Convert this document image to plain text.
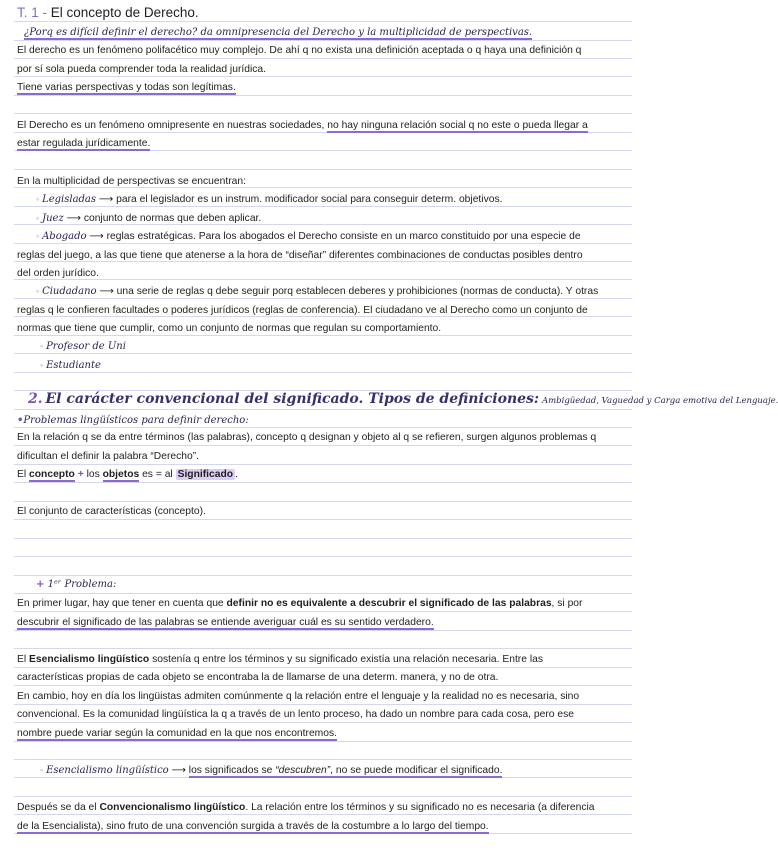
T. 1 - El concepto de Derecho.
¿Porq es difícil definir el derecho? da omnipresencia del Derecho y la multiplicidad de perspectivas.
El derecho es un fenómeno polifacético muy complejo. De ahí q no exista una definición aceptada o q haya una definición q
por sí sola pueda comprender toda la realidad jurídica.
Tiene varias perspectivas y todas son legítimas.
El Derecho es un fenómeno omnipresente en nuestras sociedades, no hay ninguna relación social q no este o pueda llegar a
estar regulada jurídicamente.
En la multiplicidad de perspectivas se encuentran:
◦ Legisladas ⟶ para el legislador es un instrum. modificador social para conseguir determ. objetivos.
◦ Juez ⟶ conjunto de normas que deben aplicar.
◦ Abogado ⟶ reglas estratégicas. Para los abogados el Derecho consiste en un marco constituido por una especie de
reglas del juego, a las que tiene que atenerse a la hora de “diseñar” diferentes combinaciones de conductas posibles dentro
del orden jurídico.
◦ Ciudadano ⟶ una serie de reglas q debe seguir porq establecen deberes y prohibiciones (normas de conducta). Y otras
reglas q le confieren facultades o poderes jurídicos (reglas de conferencia). El ciudadano ve al Derecho como un conjunto de
normas que tiene que cumplir, como un conjunto de normas que regulan su comportamiento.
◦ Profesor de Uni
◦ Estudiante
2. El carácter convencional del significado. Tipos de definiciones: Ambigüedad, Vaguedad y Carga emotiva del Lenguaje.
•Problemas lingüísticos para definir derecho:
En la relación q se da entre términos (las palabras), concepto q designan y objeto al q se refieren, surgen algunos problemas q
dificultan el definir la palabra “Derecho”.
El concepto + los objetos es = al Significado .
El conjunto de características (concepto).
+ 1ᵉʳ Problema:
En primer lugar, hay que tener en cuenta que definir no es equivalente a descubrir el significado de las palabras, si por
descubrir el significado de las palabras se entiende averiguar cuál es su sentido verdadero.
El Esencialismo lingüístico sostenía q entre los términos y su significado existía una relación necesaria. Entre las
características propias de cada objeto se encontraba la de llamarse de una determ. manera, y no de otra.
En cambio, hoy en día los lingüistas admiten comúnmente q la relación entre el lenguaje y la realidad no es necesaria, sino
convencional. Es la comunidad lingüística la q a través de un lento proceso, ha dado un nombre para cada cosa, pero ese
nombre puede variar según la comunidad en la que nos encontremos.
◦ Esencialismo lingüístico ⟶ los significados se “descubren”, no se puede modificar el significado.
Después se da el Convencionalismo lingüístico. La relación entre los términos y su significado no es necesaria (a diferencia
de la Esencialista), sino fruto de una convención surgida a través de la costumbre a lo largo del tiempo.
